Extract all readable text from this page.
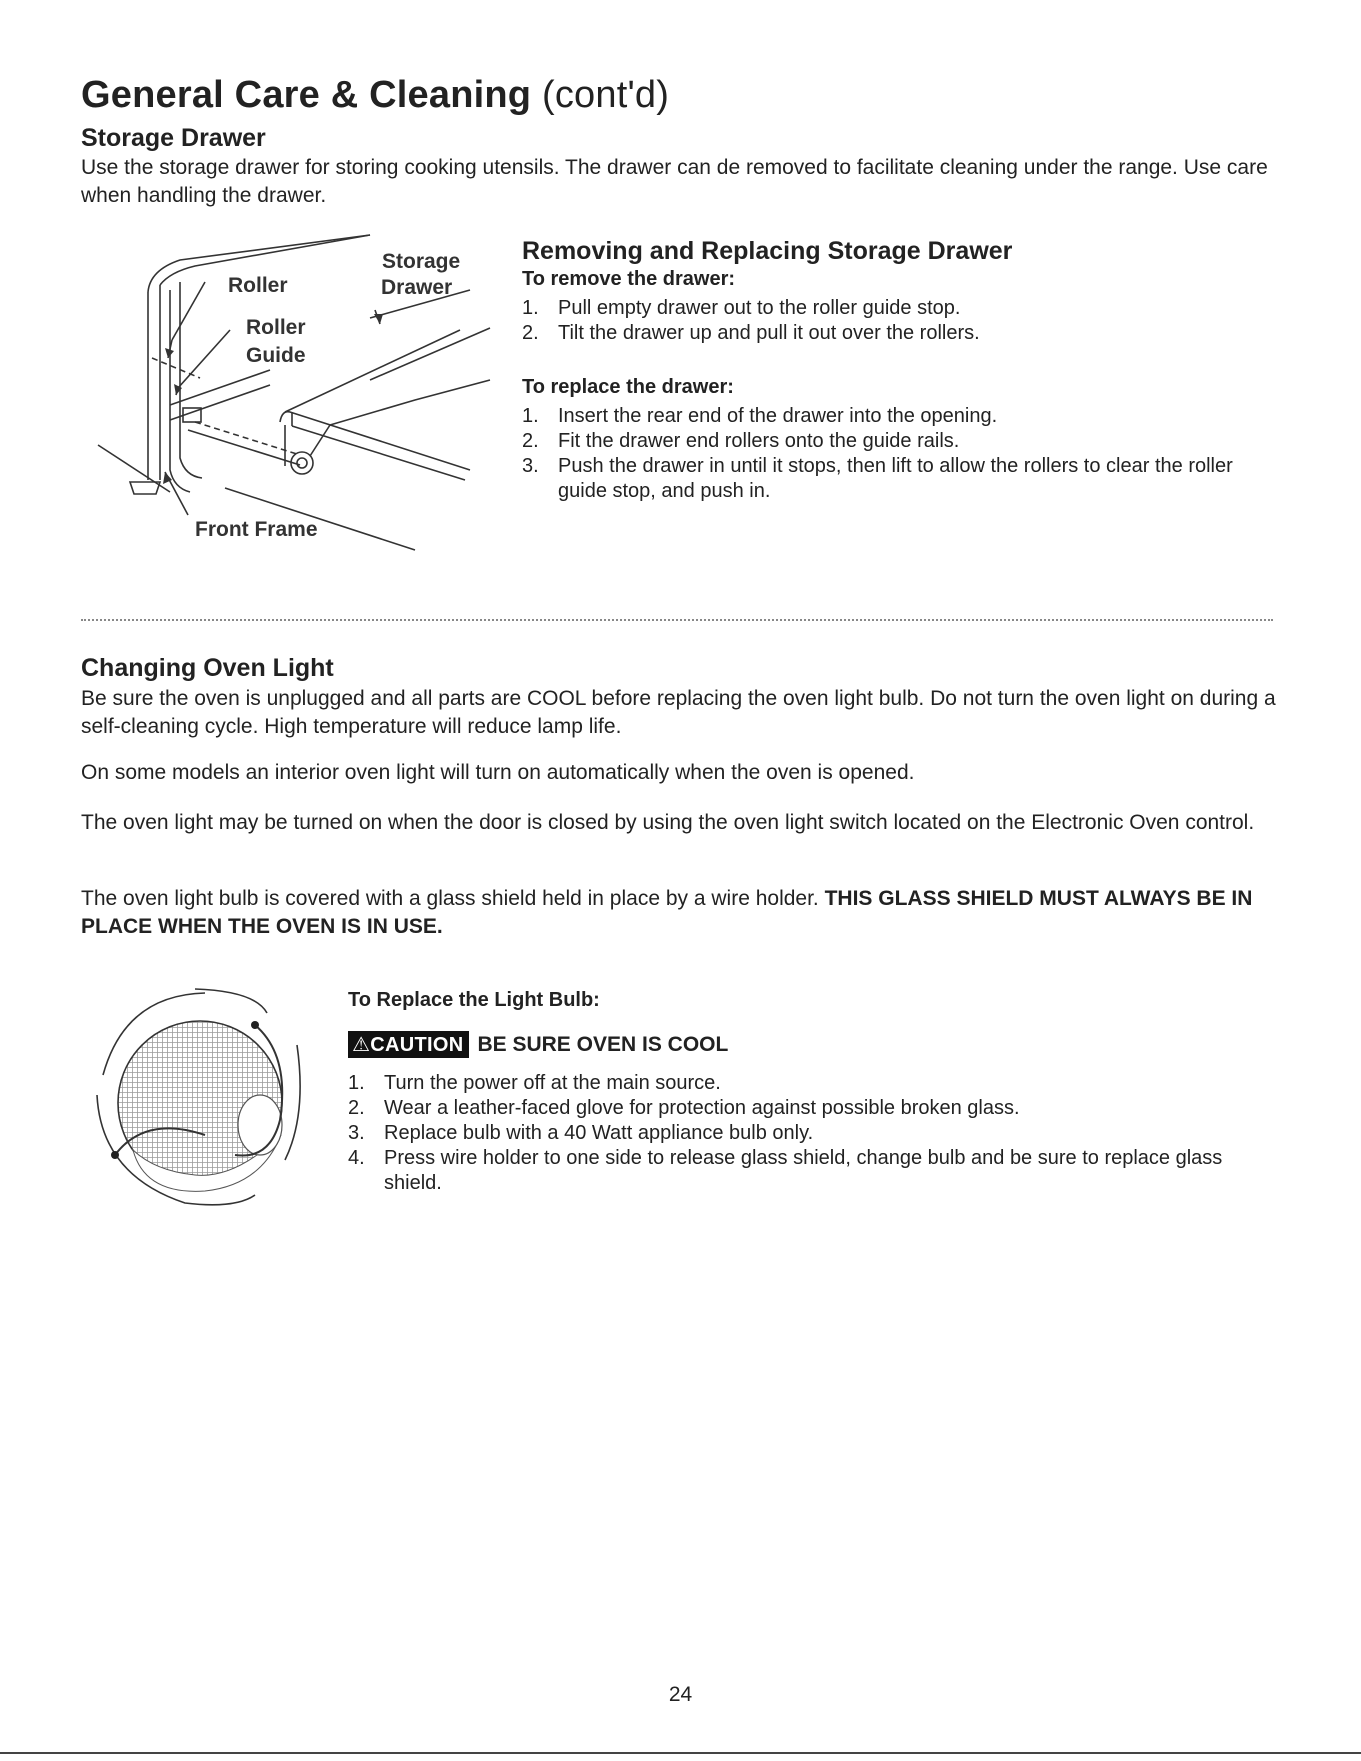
General Care & Cleaning (cont'd)
Storage Drawer
Use the storage drawer for storing cooking utensils. The drawer can de removed to facilitate cleaning under the range. Use care when handling the drawer.
Storage
Drawer
Roller
Roller
Guide
Front Frame
Removing and Replacing Storage Drawer
To remove the drawer:
1. Pull empty drawer out to the roller guide stop.
2. Tilt the drawer up and pull it out over the rollers.
To replace the drawer:
1. Insert the rear end of the drawer into the opening.
2. Fit the drawer end rollers onto the guide rails.
3. Push the drawer in until it stops, then lift to allow the rollers to clear the roller guide stop, and push in.
Changing Oven Light
Be sure the oven is unplugged and all parts are COOL before replacing the oven light bulb. Do not turn the oven light on during a self-cleaning cycle. High temperature will reduce lamp life.
On some models an interior oven light will turn on automatically when the oven is opened.
The oven light may be turned on when the door is closed by using the oven light switch located on the Electronic Oven control.
The oven light bulb is covered with a glass shield held in place by a wire holder. THIS GLASS SHIELD MUST ALWAYS BE IN PLACE WHEN THE OVEN IS IN USE.
To Replace the Light Bulb:
⚠CAUTION BE SURE OVEN IS COOL
1. Turn the power off at the main source.
2. Wear a leather-faced glove for protection against possible broken glass.
3. Replace bulb with a 40 Watt appliance bulb only.
4. Press wire holder to one side to release glass shield, change bulb and be sure to replace glass shield.
24
